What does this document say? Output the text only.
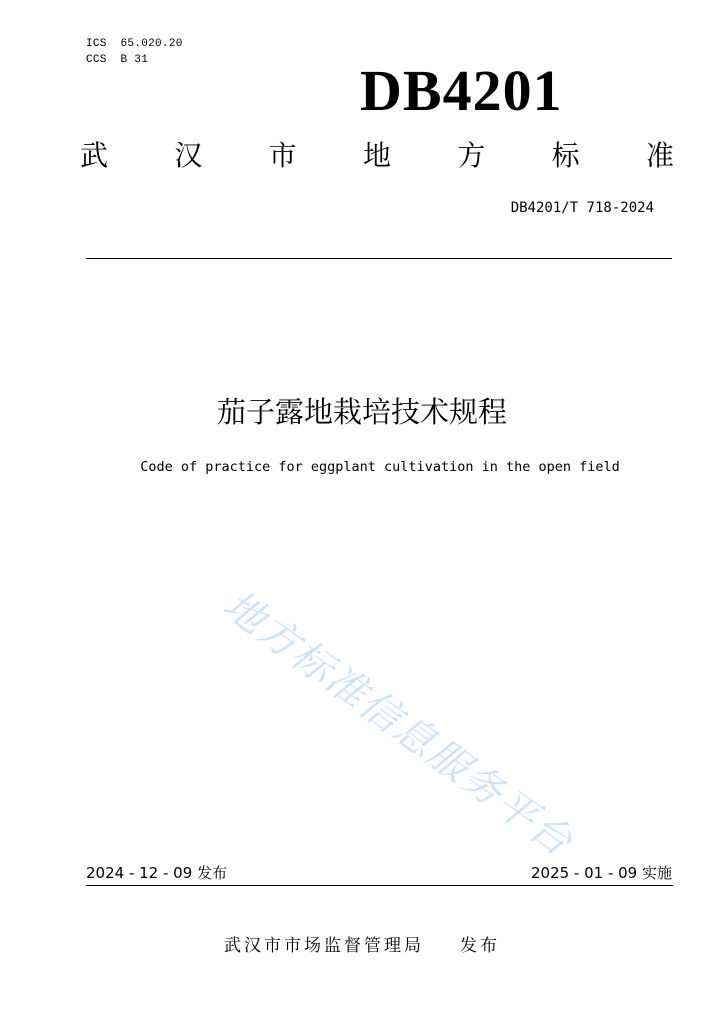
ICS  65.020.20
CCS  B 31	DB4201
武 汉 市 地 方 标 准
DB4201/T 718-2024
茄子露地栽培技术规程
Code of practice for eggplant cultivation in the open field
地方标准信息服务平台
2024 - 12 - 09 发布	2025 - 01 - 09 实施
武汉市市场监督管理局 发布
